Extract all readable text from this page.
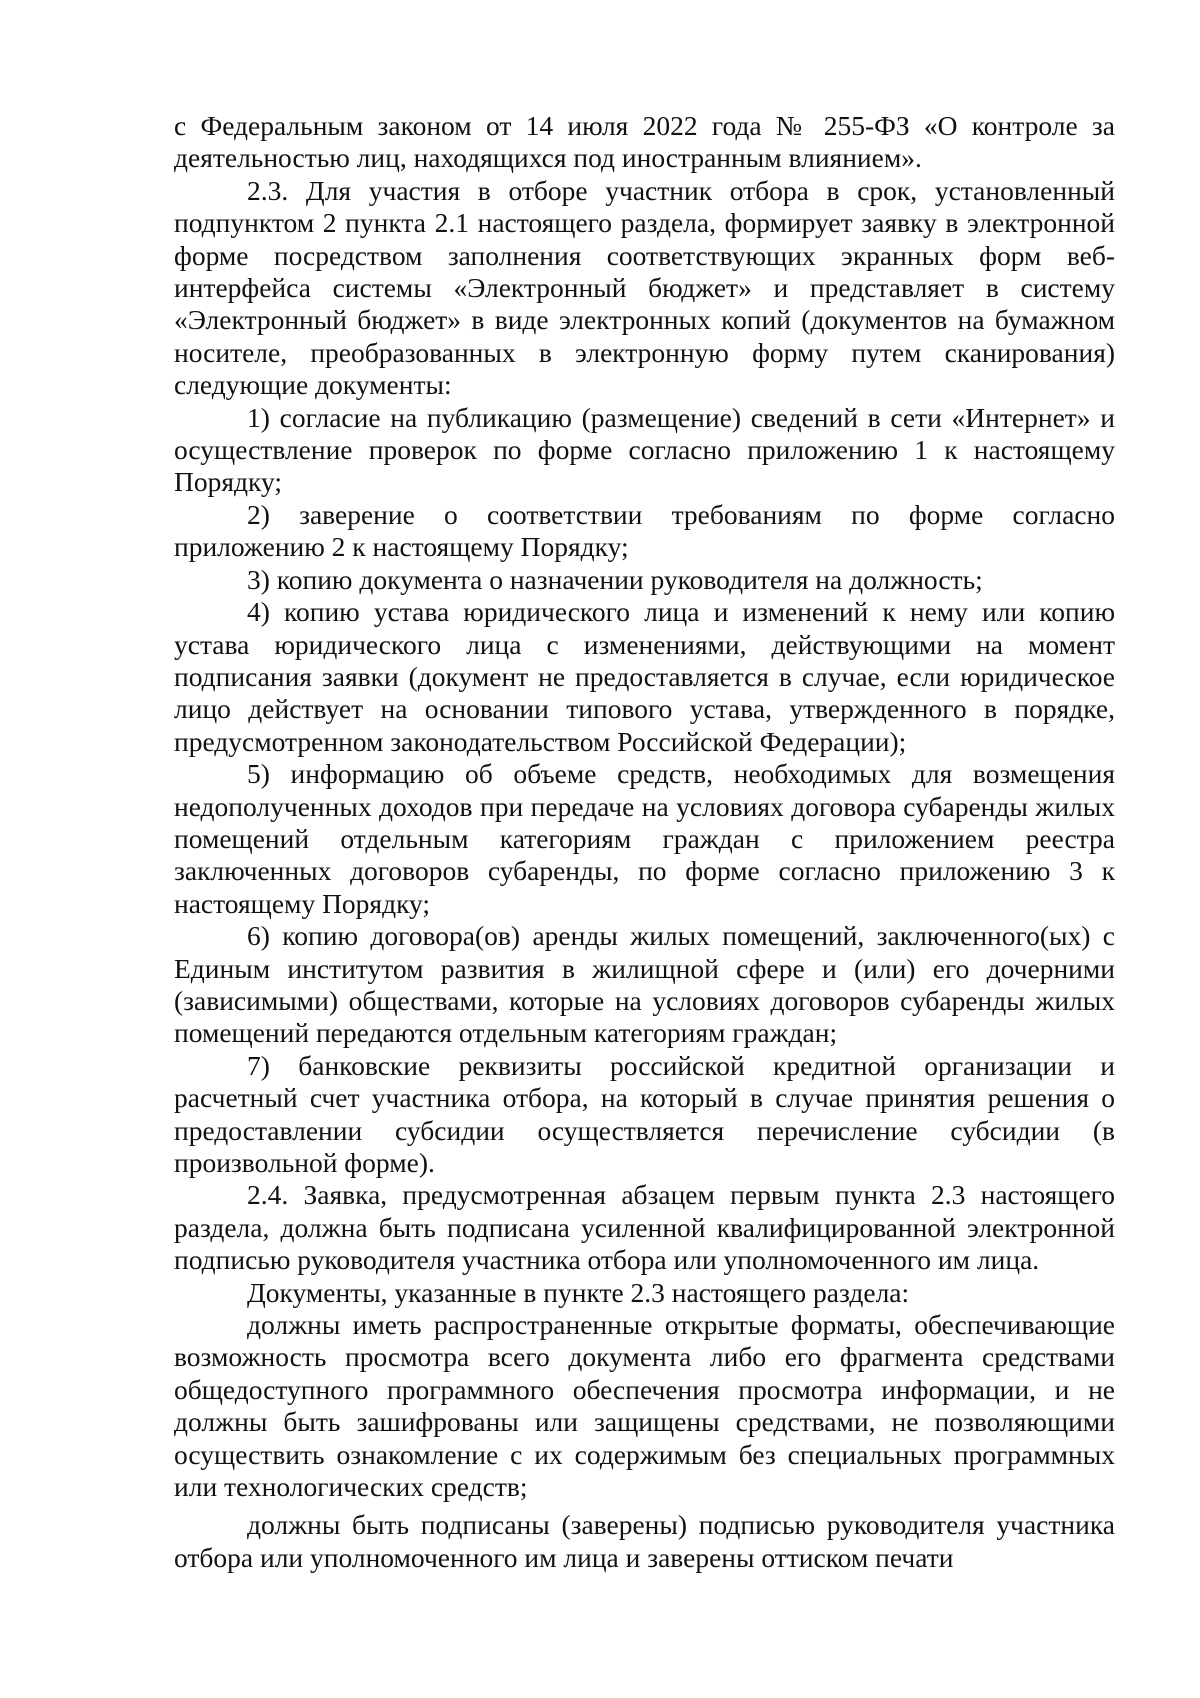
с Федеральным законом от 14 июля 2022 года № 255-ФЗ «О контроле за деятельностью лиц, находящихся под иностранным влиянием».

2.3. Для участия в отборе участник отбора в срок, установленный подпунктом 2 пункта 2.1 настоящего раздела, формирует заявку в электронной форме посредством заполнения соответствующих экранных форм веб-интерфейса системы «Электронный бюджет» и представляет в систему «Электронный бюджет» в виде электронных копий (документов на бумажном носителе, преобразованных в электронную форму путем сканирования) следующие документы:

1) согласие на публикацию (размещение) сведений в сети «Интернет» и осуществление проверок по форме согласно приложению 1 к настоящему Порядку;

2) заверение о соответствии требованиям по форме согласно приложению 2 к настоящему Порядку;

3) копию документа о назначении руководителя на должность;

4) копию устава юридического лица и изменений к нему или копию устава юридического лица с изменениями, действующими на момент подписания заявки (документ не предоставляется в случае, если юридическое лицо действует на основании типового устава, утвержденного в порядке, предусмотренном законодательством Российской Федерации);

5) информацию об объеме средств, необходимых для возмещения недополученных доходов при передаче на условиях договора субаренды жилых помещений отдельным категориям граждан с приложением реестра заключенных договоров субаренды, по форме согласно приложению 3 к настоящему Порядку;

6) копию договора(ов) аренды жилых помещений, заключенного(ых) с Единым институтом развития в жилищной сфере и (или) его дочерними (зависимыми) обществами, которые на условиях договоров субаренды жилых помещений передаются отдельным категориям граждан;

7) банковские реквизиты российской кредитной организации и расчетный счет участника отбора, на который в случае принятия решения о предоставлении субсидии осуществляется перечисление субсидии (в произвольной форме).

2.4. Заявка, предусмотренная абзацем первым пункта 2.3 настоящего раздела, должна быть подписана усиленной квалифицированной электронной подписью руководителя участника отбора или уполномоченного им лица.

Документы, указанные в пункте 2.3 настоящего раздела:

должны иметь распространенные открытые форматы, обеспечивающие возможность просмотра всего документа либо его фрагмента средствами общедоступного программного обеспечения просмотра информации, и не должны быть зашифрованы или защищены средствами, не позволяющими осуществить ознакомление с их содержимым без специальных программных или технологических средств;

должны быть подписаны (заверены) подписью руководителя участника отбора или уполномоченного им лица и заверены оттиском печати
